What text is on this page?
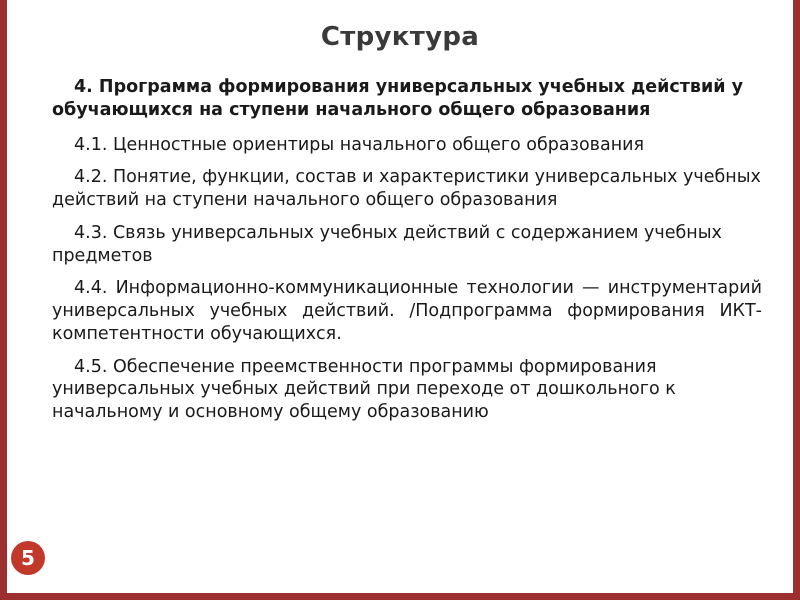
Структура

4. Программа формирования универсальных учебных действий у обучающихся на ступени начального общего образования

4.1. Ценностные ориентиры начального общего образования

4.2. Понятие, функции, состав и характеристики универсальных учебных действий на ступени начального общего образования

4.3. Связь универсальных учебных действий с содержанием учебных предметов

4.4. Информационно-коммуникационные технологии — инструментарий универсальных учебных действий. /Подпрограмма формирования ИКТ-компетентности обучающихся.

4.5. Обеспечение преемственности программы формирования универсальных учебных действий при переходе от дошкольного к начальному и основному общему образованию

5
